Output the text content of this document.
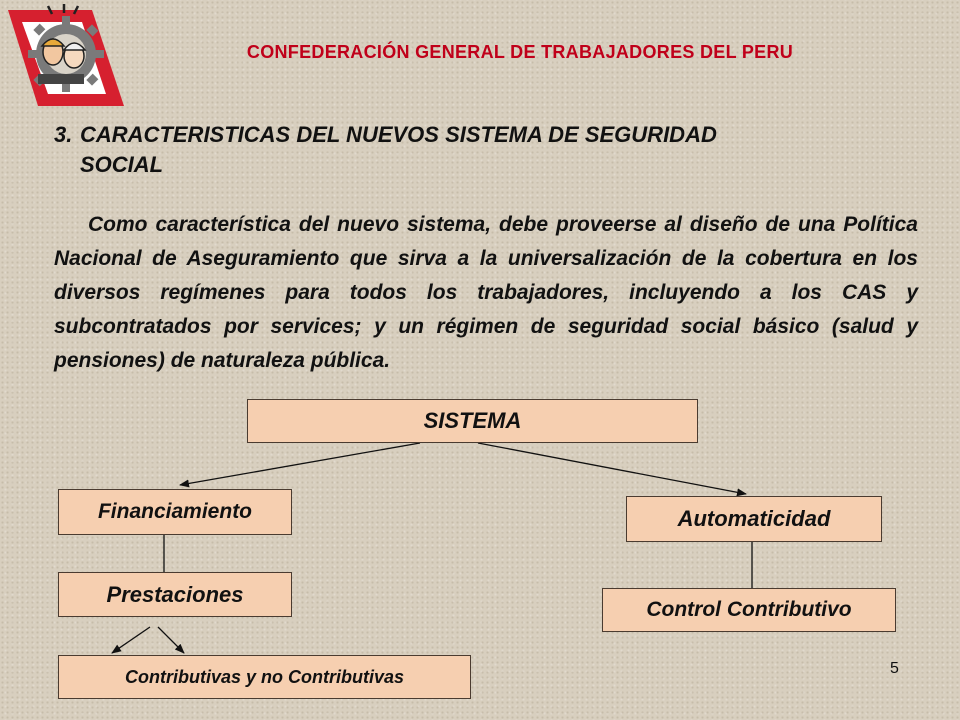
CONFEDERACIÓN GENERAL DE TRABAJADORES DEL PERU
3. CARACTERISTICAS DEL NUEVOS SISTEMA DE SEGURIDAD
SOCIAL
Como característica del nuevo sistema, debe proveerse al diseño de una Política Nacional de Aseguramiento que sirva a la universalización de la cobertura en los diversos regímenes para todos los trabajadores, incluyendo a los CAS y subcontratados por services; y un régimen de seguridad social básico (salud y pensiones) de naturaleza pública.
SISTEMA
Financiamiento	Automaticidad
Prestaciones
Control Contributivo
Contributivas y no Contributivas	5
